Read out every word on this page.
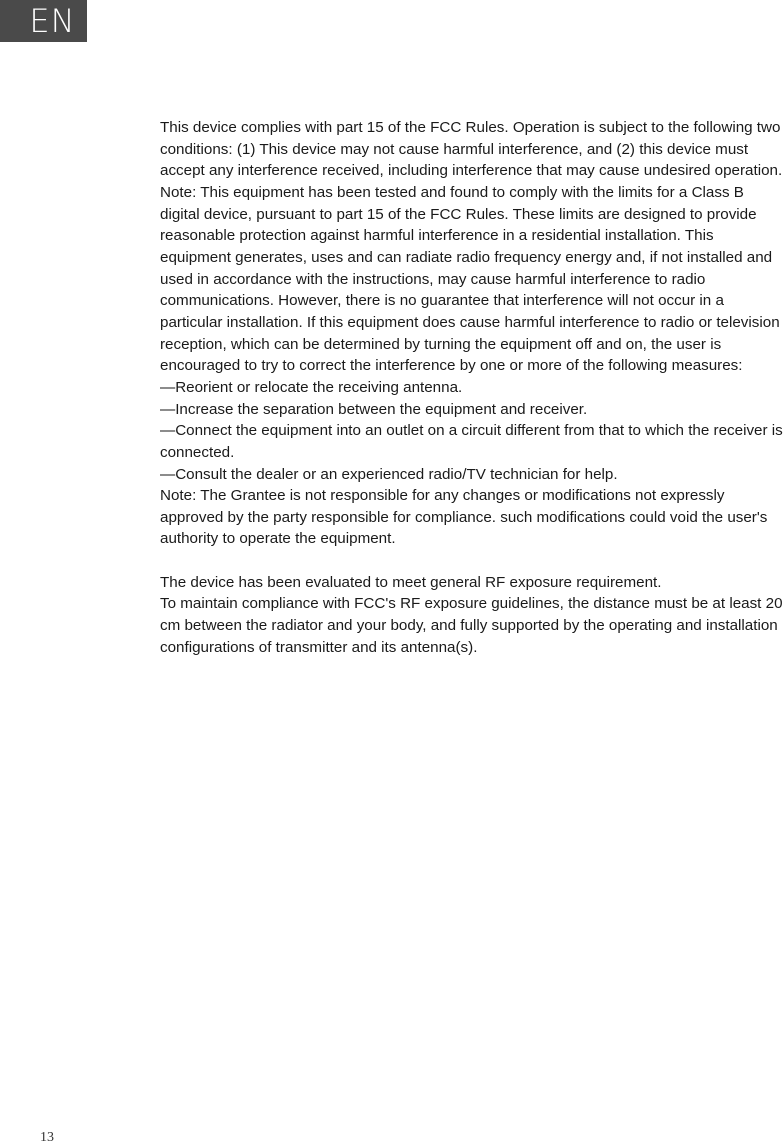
EN

This device complies with part 15 of the FCC Rules. Operation is subject to the following two conditions: (1) This device may not cause harmful interference, and (2) this device must accept any interference received, including interference that may cause undesired operation.

Note: This equipment has been tested and found to comply with the limits for a Class B digital device, pursuant to part 15 of the FCC Rules. These limits are designed to provide reasonable protection against harmful interference in a residential installation. This equipment generates, uses and can radiate radio frequency energy and, if not installed and used in accordance with the instructions, may cause harmful interference to radio communications. However, there is no guarantee that interference will not occur in a particular installation. If this equipment does cause harmful interference to radio or television reception, which can be determined by turning the equipment off and on, the user is encouraged to try to correct the interference by one or more of the following measures:

—Reorient or relocate the receiving antenna.

—Increase the separation between the equipment and receiver.

—Connect the equipment into an outlet on a circuit different from that to which the receiver is connected.

—Consult the dealer or an experienced radio/TV technician for help.

Note: The Grantee is not responsible for any changes or modifications not expressly approved by the party responsible for compliance. such modifications could void the user's authority to operate the equipment.

The device has been evaluated to meet general RF exposure requirement.

To maintain compliance with FCC's RF exposure guidelines, the distance must be at least 20 cm between the radiator and your body, and fully supported by the operating and installation configurations of transmitter and its antenna(s).

13
